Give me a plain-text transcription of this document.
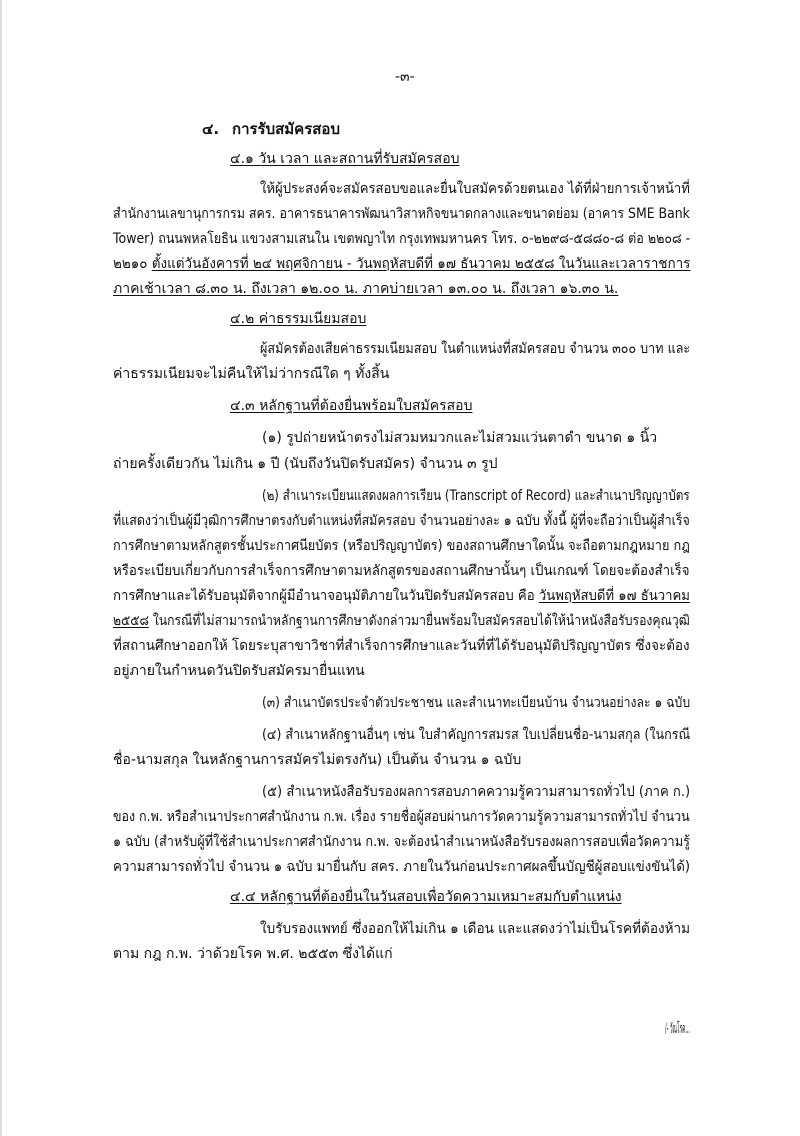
-๓-
๔. การรับสมัครสอบ
๔.๑ วัน เวลา และสถานที่รับสมัครสอบ
ให้ผู้ประสงค์จะสมัครสอบขอและยื่นใบสมัครด้วยตนเอง ได้ที่ฝ่ายการเจ้าหน้าที่
สำนักงานเลขานุการกรม สคร. อาคารธนาคารพัฒนาวิสาหกิจขนาดกลางและขนาดย่อม (อาคาร SME Bank
Tower) ถนนพหลโยธิน แขวงสามเสนใน เขตพญาไท กรุงเทพมหานคร โทร. ๐-๒๒๙๘-๕๘๘๐-๘ ต่อ ๒๒๐๘ -
๒๒๑๐ ตั้งแต่วันอังคารที่ ๒๔ พฤศจิกายน - วันพฤหัสบดีที่ ๑๗ ธันวาคม ๒๕๕๘ ในวันและเวลาราชการ
ภาคเช้าเวลา ๘.๓๐ น. ถึงเวลา ๑๒.๐๐ น. ภาคบ่ายเวลา ๑๓.๐๐ น. ถึงเวลา ๑๖.๓๐ น.
๔.๒ ค่าธรรมเนียมสอบ
ผู้สมัครต้องเสียค่าธรรมเนียมสอบ ในตำแหน่งที่สมัครสอบ จำนวน ๓๐๐ บาท และ
ค่าธรรมเนียมจะไม่คืนให้ไม่ว่ากรณีใด ๆ ทั้งสิ้น
๔.๓ หลักฐานที่ต้องยื่นพร้อมใบสมัครสอบ
(๑) รูปถ่ายหน้าตรงไม่สวมหมวกและไม่สวมแว่นตาดำ ขนาด ๑ นิ้ว
ถ่ายครั้งเดียวกัน ไม่เกิน ๑ ปี (นับถึงวันปิดรับสมัคร) จำนวน ๓ รูป
(๒) สำเนาระเบียนแสดงผลการเรียน (Transcript of Record) และสำเนาปริญญาบัตร
ที่แสดงว่าเป็นผู้มีวุฒิการศึกษาตรงกับตำแหน่งที่สมัครสอบ จำนวนอย่างละ ๑ ฉบับ ทั้งนี้ ผู้ที่จะถือว่าเป็นผู้สำเร็จ
การศึกษาตามหลักสูตรชั้นประกาศนียบัตร (หรือปริญญาบัตร) ของสถานศึกษาใดนั้น จะถือตามกฎหมาย กฎ
หรือระเบียบเกี่ยวกับการสำเร็จการศึกษาตามหลักสูตรของสถานศึกษานั้นๆ เป็นเกณฑ์ โดยจะต้องสำเร็จ
การศึกษาและได้รับอนุมัติจากผู้มีอำนาจอนุมัติภายในวันปิดรับสมัครสอบ คือ วันพฤหัสบดีที่ ๑๗ ธันวาคม
๒๕๕๘ ในกรณีที่ไม่สามารถนำหลักฐานการศึกษาดังกล่าวมายื่นพร้อมใบสมัครสอบได้ให้นำหนังสือรับรองคุณวุฒิ
ที่สถานศึกษาออกให้ โดยระบุสาขาวิชาที่สำเร็จการศึกษาและวันที่ที่ได้รับอนุมัติปริญญาบัตร ซึ่งจะต้อง
อยู่ภายในกำหนดวันปิดรับสมัครมายื่นแทน
(๓) สำเนาบัตรประจำตัวประชาชน และสำเนาทะเบียนบ้าน จำนวนอย่างละ ๑ ฉบับ
(๔) สำเนาหลักฐานอื่นๆ เช่น ใบสำคัญการสมรส ใบเปลี่ยนชื่อ-นามสกุล (ในกรณี
ชื่อ-นามสกุล ในหลักฐานการสมัครไม่ตรงกัน) เป็นต้น จำนวน ๑ ฉบับ
(๕) สำเนาหนังสือรับรองผลการสอบภาคความรู้ความสามารถทั่วไป (ภาค ก.)
ของ ก.พ. หรือสำเนาประกาศสำนักงาน ก.พ. เรื่อง รายชื่อผู้สอบผ่านการวัดความรู้ความสามารถทั่วไป จำนวน
๑ ฉบับ (สำหรับผู้ที่ใช้สำเนาประกาศสำนักงาน ก.พ. จะต้องนำสำเนาหนังสือรับรองผลการสอบเพื่อวัดความรู้
ความสามารถทั่วไป จำนวน ๑ ฉบับ มายื่นกับ สคร. ภายในวันก่อนประกาศผลขึ้นบัญชีผู้สอบแข่งขันได้)
๔.๔ หลักฐานที่ต้องยื่นในวันสอบเพื่อวัดความเหมาะสมกับตำแหน่ง
ใบรับรองแพทย์ ซึ่งออกให้ไม่เกิน ๑ เดือน และแสดงว่าไม่เป็นโรคที่ต้องห้าม
ตาม กฎ ก.พ. ว่าด้วยโรค พ.ศ. ๒๕๕๓ ซึ่งได้แก่
/- วัณโรค...
